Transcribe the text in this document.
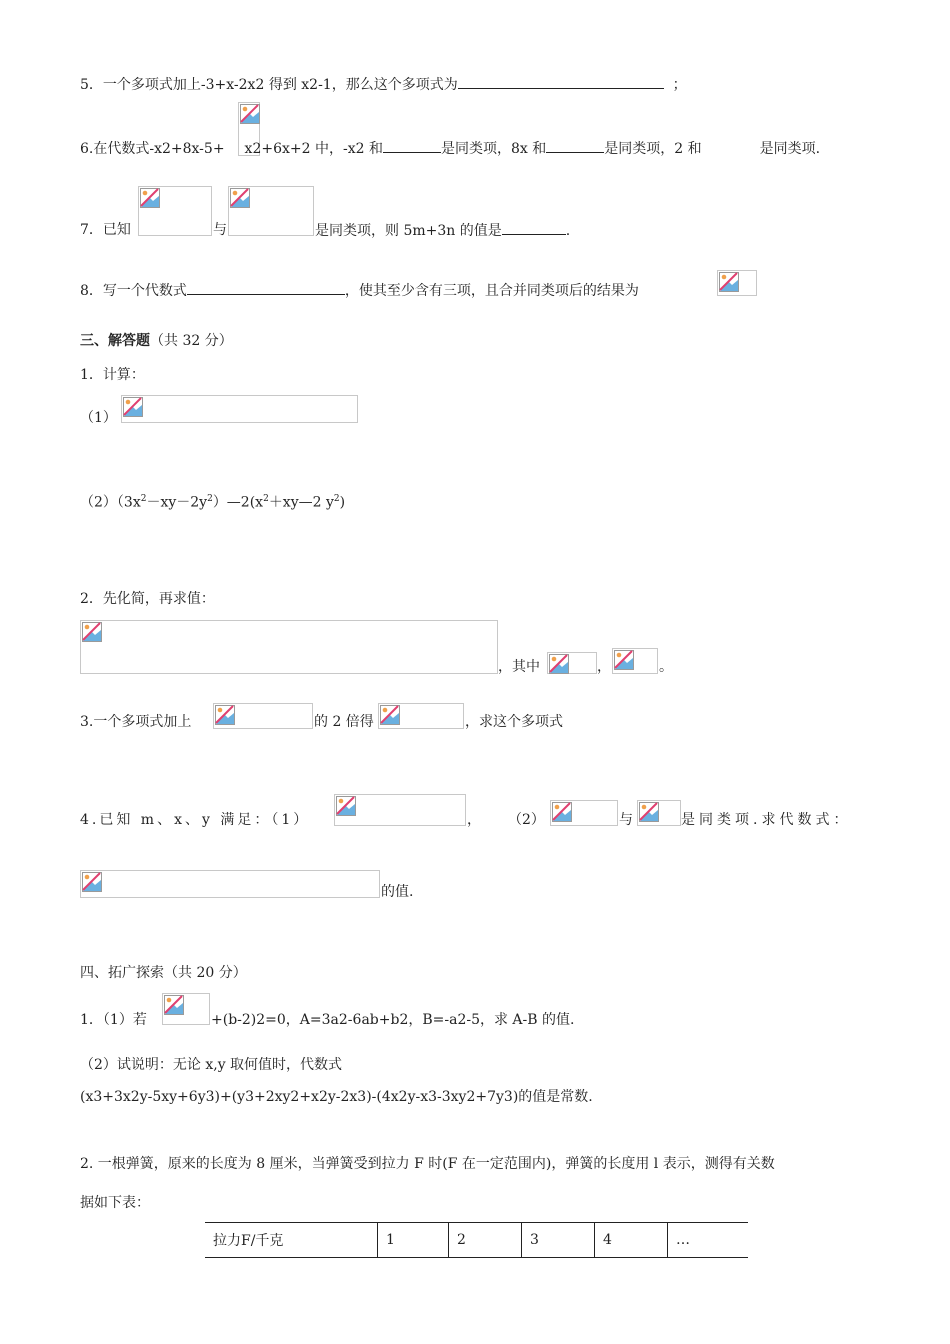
5．一个多项式加上-3+x-2x2 得到 x2-1，那么这个多项式为	；
6.在代数式-x2+8x-5+ x2+6x+2 中，-x2 和	是同类项，8x 和	是同类项，2 和	是同类项.
7．已知	与	是同类项，则 5m+3n 的值是	.
8．写一个代数式	，使其至少含有三项，且合并同类项后的结果为
三、解答题（共 32 分）
1．计算：
（1）
$(2)(3x^2-xy-2y^2)—2(x^2+xy—2$ $y^2$)
2．先化简，再求值：
，其中	，	。
3.一个多项式加上	的 2 倍得	，求这个多项式
4.已知 m、x、y 满足：（1）	， （2）	与	是同类项.求代数式：
的值.
四、拓广探索（共 20 分）
1．（1）若	+(b-2)2=0，A=3a2-6ab+b2，B=-a2-5，求 A-B 的值.
（2）试说明：无论 x,y 取何值时，代数式
(x3+3x2y-5xy+6y3)+(y3+2xy2+x2y-2x3)-(4x2y-x3-3xy2+7y3)的值是常数.
2. 一根弹簧，原来的长度为 8 厘米，当弹簧受到拉力 F 时(F 在一定范围内)，弹簧的长度用 l 表示，测得有关数
据如下表：
拉力F/千克	1	2	3	4	…
